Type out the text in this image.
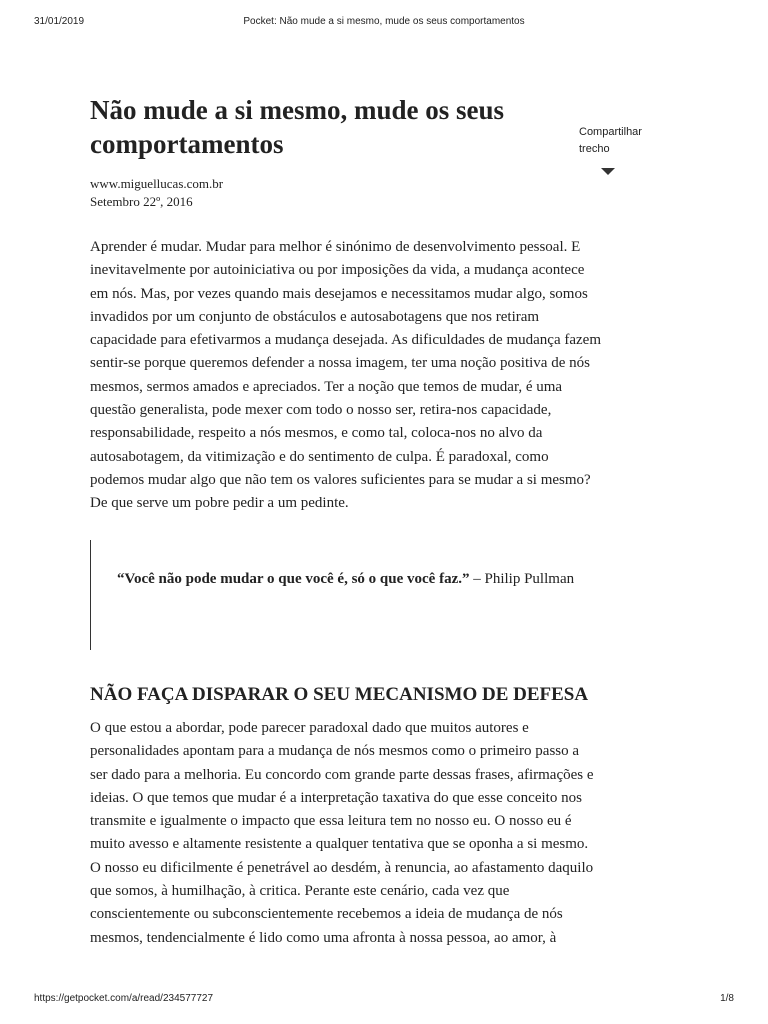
31/01/2019	Pocket: Não mude a si mesmo, mude os seus comportamentos
Não mude a si mesmo, mude os seus
comportamentos	Compartilhar
trecho
www.miguellucas.com.br
Setembro 22º, 2016

Aprender é mudar. Mudar para melhor é sinónimo de desenvolvimento pessoal. E
inevitavelmente por autoiniciativa ou por imposições da vida, a mudança acontece
em nós. Mas, por vezes quando mais desejamos e necessitamos mudar algo, somos
invadidos por um conjunto de obstáculos e autosabotagens que nos retiram
capacidade para efetivarmos a mudança desejada. As dificuldades de mudança fazem
sentir-se porque queremos defender a nossa imagem, ter uma noção positiva de nós
mesmos, sermos amados e apreciados. Ter a noção que temos de mudar, é uma
questão generalista, pode mexer com todo o nosso ser, retira-nos capacidade,
responsabilidade, respeito a nós mesmos, e como tal, coloca-nos no alvo da
autosabotagem, da vitimização e do sentimento de culpa. É paradoxal, como
podemos mudar algo que não tem os valores suficientes para se mudar a si mesmo?
De que serve um pobre pedir a um pedinte.

“Você não pode mudar o que você é, só o que você faz.” – Philip Pullman
NÃO FAÇA DISPARAR O SEU MECANISMO DE DEFESA

O que estou a abordar, pode parecer paradoxal dado que muitos autores e
personalidades apontam para a mudança de nós mesmos como o primeiro passo a
ser dado para a melhoria. Eu concordo com grande parte dessas frases, afirmações e
ideias. O que temos que mudar é a interpretação taxativa do que esse conceito nos
transmite e igualmente o impacto que essa leitura tem no nosso eu. O nosso eu é
muito avesso e altamente resistente a qualquer tentativa que se oponha a si mesmo.
O nosso eu dificilmente é penetrável ao desdém, à renuncia, ao afastamento daquilo
que somos, à humilhação, à critica. Perante este cenário, cada vez que
conscientemente ou subconscientemente recebemos a ideia de mudança de nós
mesmos, tendencialmente é lido como uma afronta à nossa pessoa, ao amor, à

https://getpocket.com/a/read/234577727	1/8
